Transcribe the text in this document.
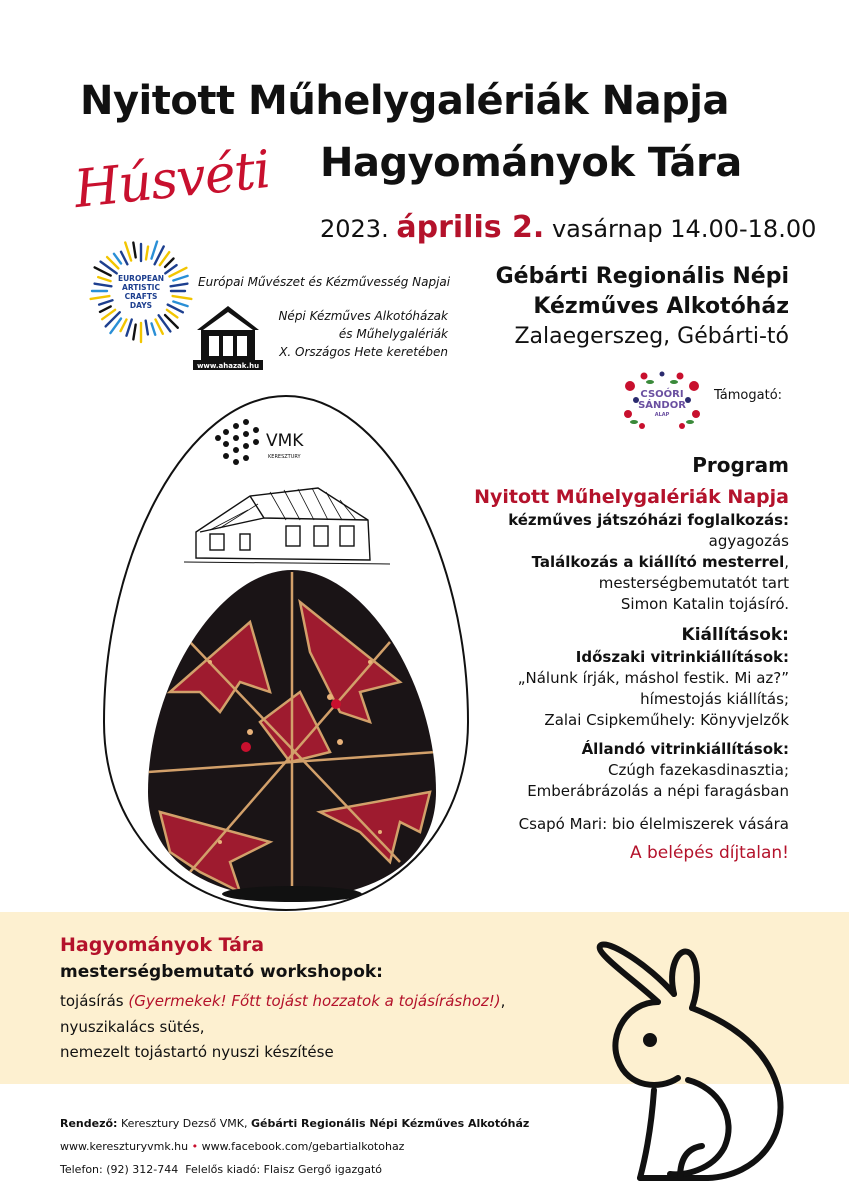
Nyitott Műhelygalériák Napja
Húsvéti Hagyományok Tára
2023. április 2. vasárnap 14.00-18.00
EUROPEAN
ARTISTIC
CRAFTS
DAYS
Európai Művészet és Kézművesség Napjai
www.ahazak.hu
Népi Kézműves Alkotóházak
és Műhelygalériák
X. Országos Hete keretében
Gébárti Regionális Népi
Kézműves Alkotóház
Zalaegerszeg, Gébárti-tó
CSOÓRI
SÁNDOR
ALAP
Támogató:
VMK
KERESZTURY	Program
Nyitott Műhelygalériák Napja
kézműves játszóházi foglalkozás:
agyagozás
Találkozás a kiállító mesterrel,
mesterségbemutatót tart
Simon Katalin tojásíró.
Kiállítások:
Időszaki vitrinkiállítások:
„Nálunk írják, máshol festik. Mi az?”
hímestojás kiállítás;
Zalai Csipkeműhely: Könyvjelzők
Állandó vitrinkiállítások:
Czúgh fazekasdinasztia;
Emberábrázolás a népi faragásban
Csapó Mari: bio élelmiszerek vására
A belépés díjtalan!
Hagyományok Tára
mesterségbemutató workshopok:
tojásírás (Gyermekek! Főtt tojást hozzatok a tojásíráshoz!),
nyuszikalács sütés,
nemezelt tojástartó nyuszi készítése
Rendező: Keresztury Dezső VMK, Gébárti Regionális Népi Kézműves Alkotóház
www.kereszturyvmk.hu • www.facebook.com/gebartialkotohaz
Telefon: (92) 312-744 Felelős kiadó: Flaisz Gergő igazgató
